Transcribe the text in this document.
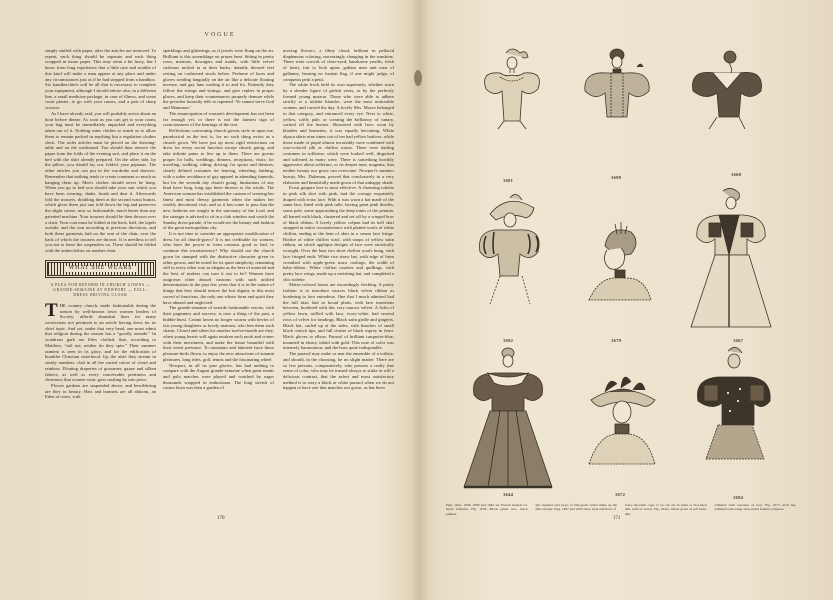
VOGUE

simply stuffed with paper, after the articles are removed. To repeat, each thing should be separate and each thing wrapped in tissue paper. This may seem a bit fussy, but I know from long experience that a little care and trouble of this kind will make a man appear at any place and under any circumstances just as if he had stepped from a bandbox. Six handkerchiefs will be all that is necessary to complete your equipment, although I should advise also, in a different line, a small medicine package, in case of illness, and some court plaster, to go with your razors, and a pair of sharp scissors.

As I have already said, you will probably arrive about an hour before dinner. As soon as you can get to your room, your bag must be immediately unpacked and everything taken out of it. Nothing ruins clothes so much as to allow them to remain packed in anything but a regulation clothes chest. The toilet articles must be placed on the dressing-table and on the washstand. You should then remove the paper from the folds of the evening suit, and place it on the bed with the shirt already prepared. On the other side, by the pillow, you should lay out, folded, your pajamas. The other articles you can put in the wardrobe and drawers. Remember that nothing tends to create comment so much as hanging them up. Men's clothes should never be hung. When you go to bed you should take your suit which you have been wearing, shake, brush and dust it. Afterwards fold the trousers, doubling them at the second waist button, which gives them just one fold down the leg and preserves the slight crease, now so fashionable, much better than any patented machine. Your trousers should be then thrown over a chair. Your coat must be folded at the back, half, the lapels outside, and the coat according to previous directions, and both these garments laid on the seat of the chair, over the back of which the trousers are thrown. It is needless to tell you not to leave the suspenders on. These should be folded with the underclothes on another chair.

WHAT SHE WEARS
A PLEA FOR REFORM IN CHURCH GOWNS — GRANDE-SEMAINE AT NEWPORT — FULL-DRESS DRIVING CLOAK

THE country church, made fashionable during the season by well-known town women leaders of Society, affords abundant lines for many convictions not pertinent to an article having dress for its chief topic. And yet, under that very head, one must admit that religion during the season has a “goodly outside.” In wondrous garb are lilies clothed, that, according to Matthew, “toil not, neither do they spin.” Their summer raiment is seen in its glory, and for the edification of humbler Christian sisterhood. Up the aisle they stream in steady numbers, clad in all the varied colors of cloud and rainbow. Floating draperies of gossamer, gauze and silken fabrics, as well as every conceivable prettiness and cheerness that women wear, goes rustling by into pews.

Flower gardens are suspended above, and bewildering are they in beauty. Hats and bonnets are all abloom, an Eden of roses, with

sparklings and glitterings, as if jewels were flung on the air. Brilliant is this assemblage on prayer bent. Sitting in pretty rows, matrons, dowagers and maids, with little velvet cushions tucked in at their backs, daintily dressed feet resting on cushioned stools below. Perfume of laces and gloves stealing languidly on the air like a delicate floating incense, and gay fans wafting it to and fro. Patiently they follow the risings and sittings, and give replies in proper places, and keep their countenances properly demure while the preacher honestly tells to repeated ‘Ye cannot serve God and Mammon.’

The emancipation of woman's development has not been far enough yet, or there is not the faintest sign of consciousness of the bearings of the text.

Reflections concerning church gowns stole in upon me, paradoxical as the text is, for no such thing exists as a church gown. We have put up most rigid restrictions on dress for every social function except church going, and take infinite pains to live up to them. There are gowns proper for balls, weddings, dinners, receptions, visits; for traveling, walking, riding, driving; for sports and theatres; clearly defined costumes for fencing, wheeling, bathing, with a sober avoidance of gay apparel in attending funerals; but for the seventh day church going, limitations of any kind have long, long ago been thrown to the winds. The American woman has established the custom of wearing her finest and most dressy garments when she makes her weekly devotional visit; and so it has come to pass that the new fashions are sought in the sanctuary of the Lord, and the stranger is advised to sit in a club window and watch the Sunday dress-parade, if he would see the beauty and fashion of the great metropolitan city.

It is not time to consider an appropriate modification of dress for all church-goers? It is not creditable for women, who have the power to form customs good or bad, to continue this inconsistency? Why should not the church gown be stamped with the distinctive character given to other gowns, and be noted for its quiet simplicity, remaining still in every other way as elegant as the best of material and the best of makers can turn it out to be? Women have outgrown other absurd customs with such unified determination in the past few years that it is in the nature of things that they should restore the lost dignity to this most sacred of functions, the only one whose form and spirit they have abused and neglected.

The grande-semaine of seaside fashionable resorts, with their pageantry and success, is now a thing of the past, a bubble burst. Casino lawns no longer swarm with bevies of fair young daughters or lovely matrons, who lent them such charm. Closed and silent for another twelve-month are they, when young hearts will again awaken each nook and corner with their merriment, and make the house beautiful with their sweet presence. To mountain and lakeside have these pleasure-birds flown, to enjoy the new attractions of autumn pleasures, long rides, golf, tennis and the fascinating wheel.

Newport, in all its past glories, has had nothing to compare with the August grande-semaine when great tennis and polo matches were played and watched by eager thousands wrapped in enthusiasm. The long stretch of casino lawn was then a garden of

moving flowers, a filmy cloud, brilliant in pellucid diaphanous coloring, unceasingly changing in the sunshine. There were crowds of clear-eyed, handsome youths, fresh of heart, fair to look upon; gallant men and men of gallantry, bearing no fustian flag, if one might judge, of conquests petit a petit.

The white frock held its own supremely, whether worn by a slender figure of girlish years, or by the perfectly formed young matron. Those who were able to adhere strictly to a toilette blanche, were the most noticeable women, and carried the day. A lovely Mrs. Moore belonged to that category, and entranced every eye. Next to white, yellow, softly pale, or wearing the brilliancy of canary, carried off the honors. Showered with lace; worn by blondes and brunettes, it was equally becoming. White alpaca skirts nine times out of ten had yellow bodices, while those made of piqué almost invariably were combined with rose-colored silk or chiffon waists. There were darling costumes in solferino, which were looked well, disguised and softened as many were. There is something horribly aggressive about solferino, or its deeper tone, magenta, that neither beauty nor grace can overcome. Newport's summer beauty, Mrs. Duleman, proved that conclusively in a very elaborate and beautifully made gown of that unhappy shade.

Ecrus guipure lace is most effective. A charming toilette in pink silk shot with pink, had the corsage exquisitely draped with ecrus lace. With it was worn a hat made of the same lace, lined with pink tulle, having great pink thistles, some pale, some approaching the deep tones of the petunia, all barred with black, clustered and set off by a winged bow of black ribbon. A lovely yellow crêpon had its bell skirt strapped in entire circumference with plaited scarfs of white chiffon, ending at the hem of skirt in a cream lace fringe. Bodice of white chiffon scarf, with straps of yellow satin ribbon, on which applique designs of lace were artistically wrought. Over the bust two short chiffon scarfs hung, with lace fringed ends. White rice straw hat, with edge of brim wreathed with apple-green straw curlings, the width of baby-ribbon. White chiffon rosettes and quillings, with pretty lace wings, made up a ravishing hat, and completed a chic toilette.

Maize-colored lawns are exceedingly fetching. A pretty fashion is to introduce narrow black velvet ribbon as bordering to lace entredeux. One that I much admired had the full skirt laid in broad plaits, with lace insertions between, bordered with this very narrow velvet. A fichu of yellow lawn, ruffled with lace, ivory-white, had several rows of velvet for headings. Black satin girdle and gingerts. Black hat, curled up at the sides, with bunches of small black ostrich tips, and full cluster of black osprey in front. Black gloves to elbow. Parasol of brilliant turquoise-blue, mounted in ebony, inlaid with gold. This note of color was intensely harmonious, and the hues quite indisputable.

The parasol may make or mar the ensemble of a toilette, and should, in the choosing, be no slight matter. There are so few persons, comparatively, who possess a really fine sense of color, who may be trusted always to strike at will a delicious contrast, that the safest and most satisfactory method is to carry a black or white parasol when we do not happen to have one that matches our gown, as has been

170
1681
1698
1668
1692	1679	1667
1644	1672
1694
Figs. 1641, 1658, 1680 and 1692 are French models for street fashions. Fig. 1679—Black jetted lace, black plumes,
gilt aigrettes and loops of bile-green velvet make up the little bonnet. Figs. 1697 and 1694 show back and front of
fancy shoulder cape, to be cut out in plain or brocaded silk, satin or velvet. Fig. 1644—Street gown of soft India silk,
trimmed with cascades of lace. Fig. 1677—Felt hat, trimmed with wings and ostrich feather pompons.
171
